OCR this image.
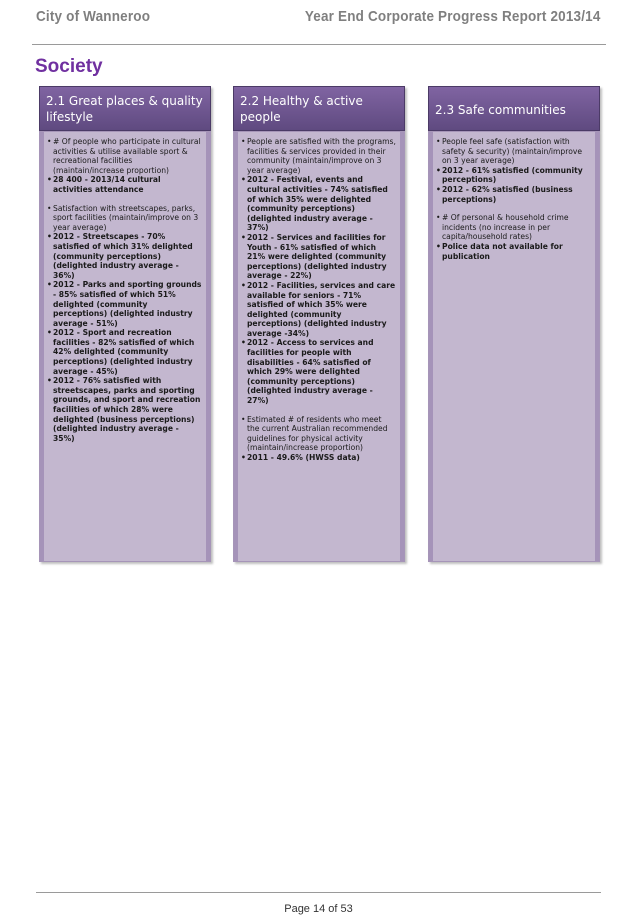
City of Wanneroo	Year End Corporate Progress Report 2013/14
Society
2.1 Great places & quality lifestyle
• # Of people who participate in cultural activities & utilise available sport & recreational facilities (maintain/increase proportion)
• 28 400 - 2013/14 cultural activities attendance
• Satisfaction with streetscapes, parks, sport facilities (maintain/improve on 3 year average)
• 2012 - Streetscapes - 70% satisfied of which 31% delighted (community perceptions) (delighted industry average - 36%)
• 2012 - Parks and sporting grounds - 85% satisfied of which 51% delighted (community perceptions) (delighted industry average - 51%)
• 2012 - Sport and recreation facilities - 82% satisfied of which 42% delighted (community perceptions) (delighted industry average - 45%)
• 2012 - 76% satisfied with streetscapes, parks and sporting grounds, and sport and recreation facilities of which 28% were delighted (business perceptions) (delighted industry average - 35%)
2.2 Healthy & active people
• People are satisfied with the programs, facilities & services provided in their community (maintain/improve on 3 year average)
• 2012 - Festival, events and cultural activities - 74% satisfied of which 35% were delighted (community perceptions) (delighted industry average - 37%)
• 2012 - Services and facilities for Youth - 61% satisfied of which 21% were delighted (community perceptions) (delighted industry average - 22%)
• 2012 - Facilities, services and care available for seniors - 71% satisfied of which 35% were delighted (community perceptions) (delighted industry average -34%)
• 2012 - Access to services and facilities for people with disabilities - 64% satisfied of which 29% were delighted (community perceptions) (delighted industry average - 27%)
• Estimated # of residents who meet the current Australian recommended guidelines for physical activity (maintain/increase proportion)
• 2011 - 49.6% (HWSS data)
2.3 Safe communities
• People feel safe (satisfaction with safety & security) (maintain/improve on 3 year average)
• 2012 - 61% satisfied (community perceptions)
• 2012 - 62% satisfied (business perceptions)
• # Of personal & household crime incidents (no increase in per capita/household rates)
• Police data not available for publication
Page 14 of 53
